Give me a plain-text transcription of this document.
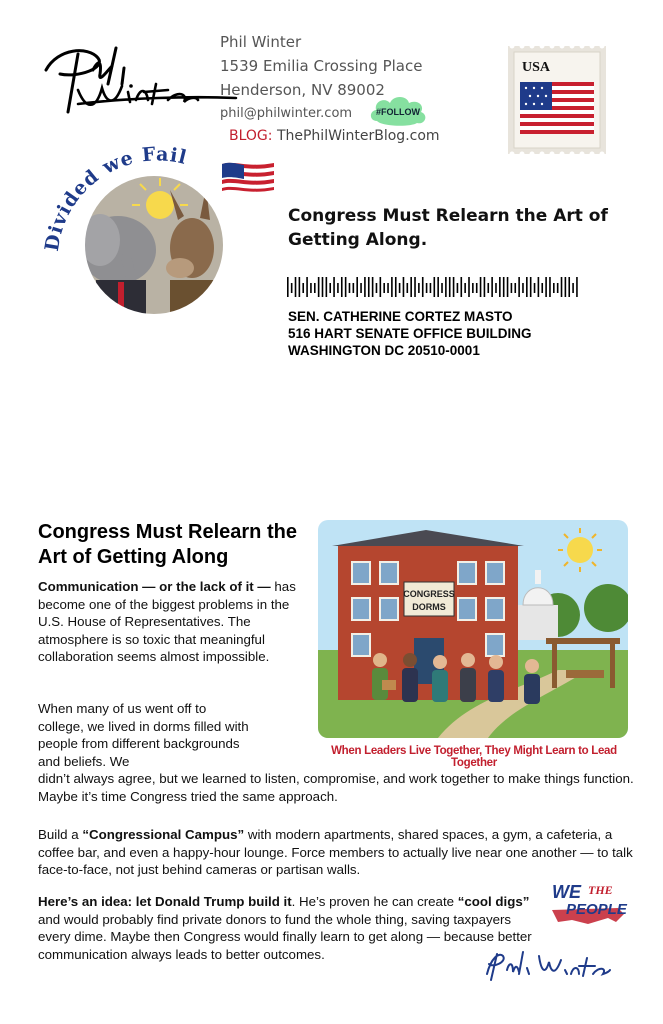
Phil Winter
1539 Emilia Crossing Place
Henderson, NV 89002
phil@philwinter.com	#FOLLOW
BLOG: ThePhilWinterBlog.com
USA
Divided we Fail
Congress Must Relearn the Art of Getting Along.
SEN. CATHERINE CORTEZ MASTO
516 HART SENATE OFFICE BUILDING
WASHINGTON DC 20510-0001
Congress Must Relearn the Art of Getting Along
Communication — or the lack of it — has become one of the biggest problems in the U.S. House of Representatives. The atmosphere is so toxic that meaningful collaboration seems almost impossible.
When many of us went off to college, we lived in dorms filled with people from different backgrounds and beliefs. We
didn’t always agree, but we learned to listen, compromise, and work together to make things function. Maybe it’s time Congress tried the same approach.
Build a “Congressional Campus” with modern apartments, shared spaces, a gym, a cafeteria, a coffee bar, and even a happy-hour lounge. Force members to actually live near one another — to talk face-to-face, not just behind cameras or partisan walls.
Here’s an idea: let Donald Trump build it. He’s proven he can create “cool digs” and would probably find private donors to fund the whole thing, saving taxpayers every dime. Maybe then Congress would finally learn to get along — because better communication always leads to better outcomes.
CONGRESS
DORMS
When Leaders Live Together, They Might Learn to Lead Together
WE THE
PEOPLE
